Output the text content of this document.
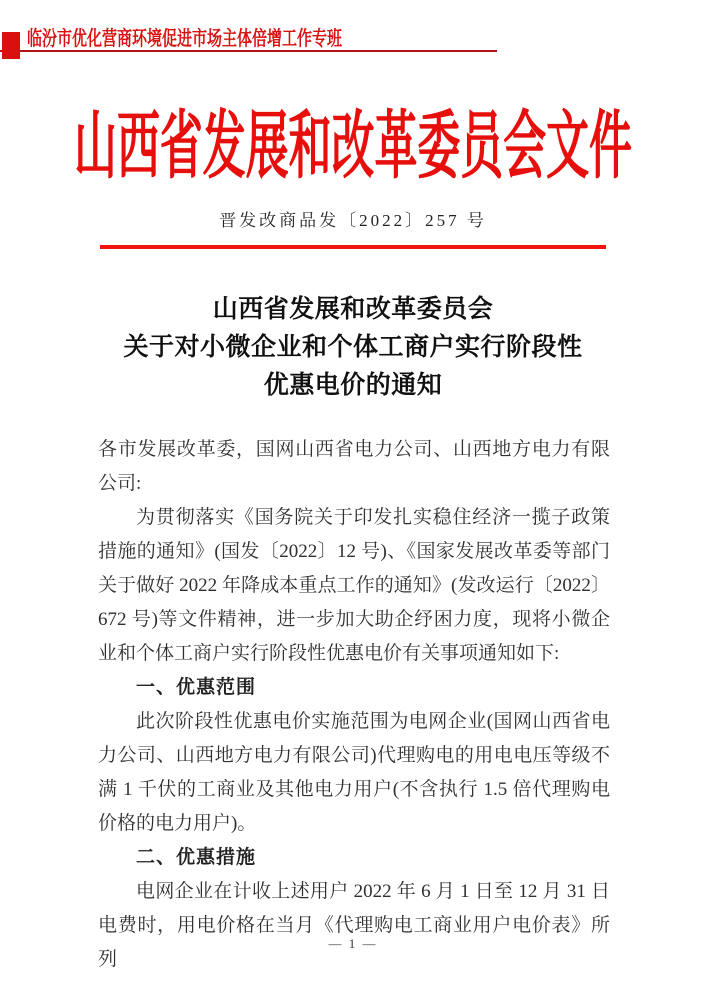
临汾市优化营商环境促进市场主体倍增工作专班
山西省发展和改革委员会文件
晋发改商品发〔2022〕257 号
山西省发展和改革委员会
关于对小微企业和个体工商户实行阶段性
优惠电价的通知

各市发展改革委，国网山西省电力公司、山西地方电力有限公司:

为贯彻落实《国务院关于印发扎实稳住经济一揽子政策措施的通知》(国发〔2022〕12 号)、《国家发展改革委等部门关于做好 2022 年降成本重点工作的通知》(发改运行〔2022〕672 号)等文件精神，进一步加大助企纾困力度，现将小微企业和个体工商户实行阶段性优惠电价有关事项通知如下:

一、优惠范围

此次阶段性优惠电价实施范围为电网企业(国网山西省电力公司、山西地方电力有限公司)代理购电的用电电压等级不满 1 千伏的工商业及其他电力用户(不含执行 1.5 倍代理购电价格的电力用户)。

二、优惠措施

电网企业在计收上述用户 2022 年 6 月 1 日至 12 月 31 日电费时，用电价格在当月《代理购电工商业用户电价表》所列

— 1 —
